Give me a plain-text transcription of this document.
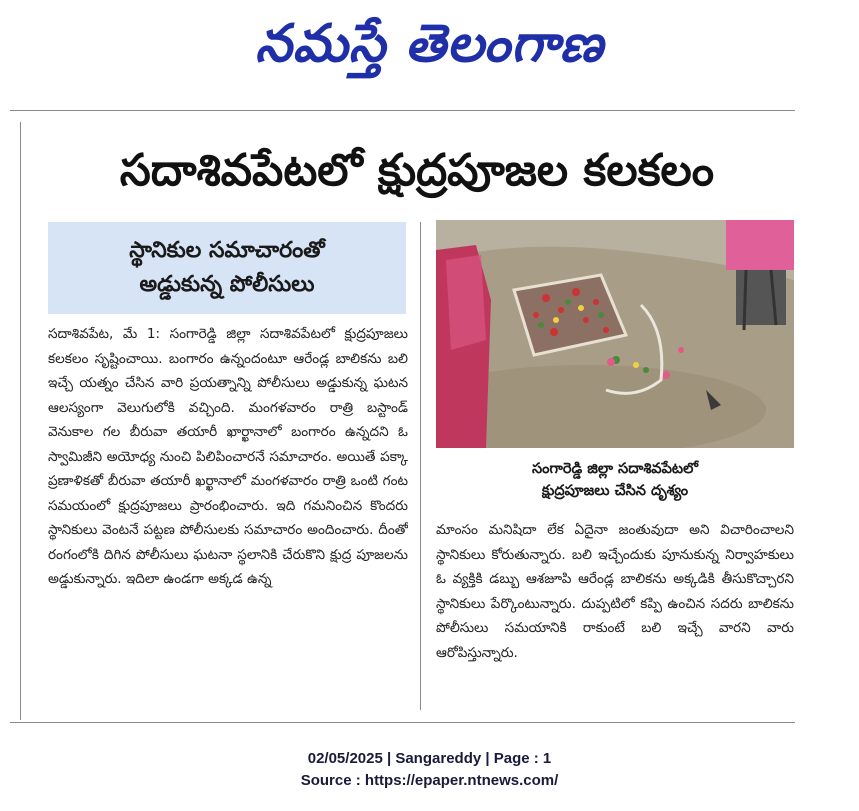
నమస్తే తెలంగాణ
సదాశివపేటలో క్షుద్రపూజల కలకలం
స్థానికుల సమాచారంతో
అడ్డుకున్న పోలీసులు

సదాశివపేట, మే 1: సంగారెడ్డి జిల్లా సదాశివపేటలో క్షుద్రపూజలు కలకలం సృష్టించాయి. బంగారం ఉన్నందంటూ ఆరేండ్ల బాలికను బలి ఇచ్చే యత్నం చేసిన వారి ప్రయత్నాన్ని పోలీసులు అడ్డుకున్న ఘటన ఆలస్యంగా వెలుగులోకి వచ్చింది. మంగళవారం రాత్రి బస్టాండ్ వెనుకాల గల బీరువా తయారీ ఖార్ఖానాలో బంగారం ఉన్నదని ఓ స్వామిజీని అయోధ్య నుంచి పిలిపించారనే సమాచారం. అయితే పక్కా ప్రణాళికతో బీరువా తయారీ ఖర్ఖానాలో మంగళవారం రాత్రి ఒంటి గంట సమయంలో క్షుద్రపూజలు ప్రారంభించారు. ఇది గమనించిన కొందరు స్థానికులు వెంటనే పట్టణ పోలీసులకు సమాచారం అందించారు. దీంతో రంగంలోకి దిగిన పోలీసులు ఘటనా స్థలానికి చేరుకొని క్షుద్ర పూజలను అడ్డుకున్నారు. ఇదిలా ఉండగా అక్కడ ఉన్న

సంగారెడ్డి జిల్లా సదాశివపేటలో
క్షుద్రపూజలు చేసిన దృశ్యం

మాంసం మనిషిదా లేక ఏదైనా జంతువుదా అని విచారించాలని స్థానికులు కోరుతున్నారు. బలి ఇచ్చేందుకు పూనుకున్న నిర్వాహకులు ఓ వ్యక్తికి డబ్బు ఆశజూపి ఆరేండ్ల బాలికను అక్కడికి తీసుకొచ్చారని స్థానికులు పేర్కొంటున్నారు. దుప్పటిలో కప్పి ఉంచిన సదరు బాలికను పోలీసులు సమయానికి రాకుంటే బలి ఇచ్చే వారని వారు ఆరోపిస్తున్నారు.

02/05/2025 | Sangareddy | Page : 1
Source : https://epaper.ntnews.com/
